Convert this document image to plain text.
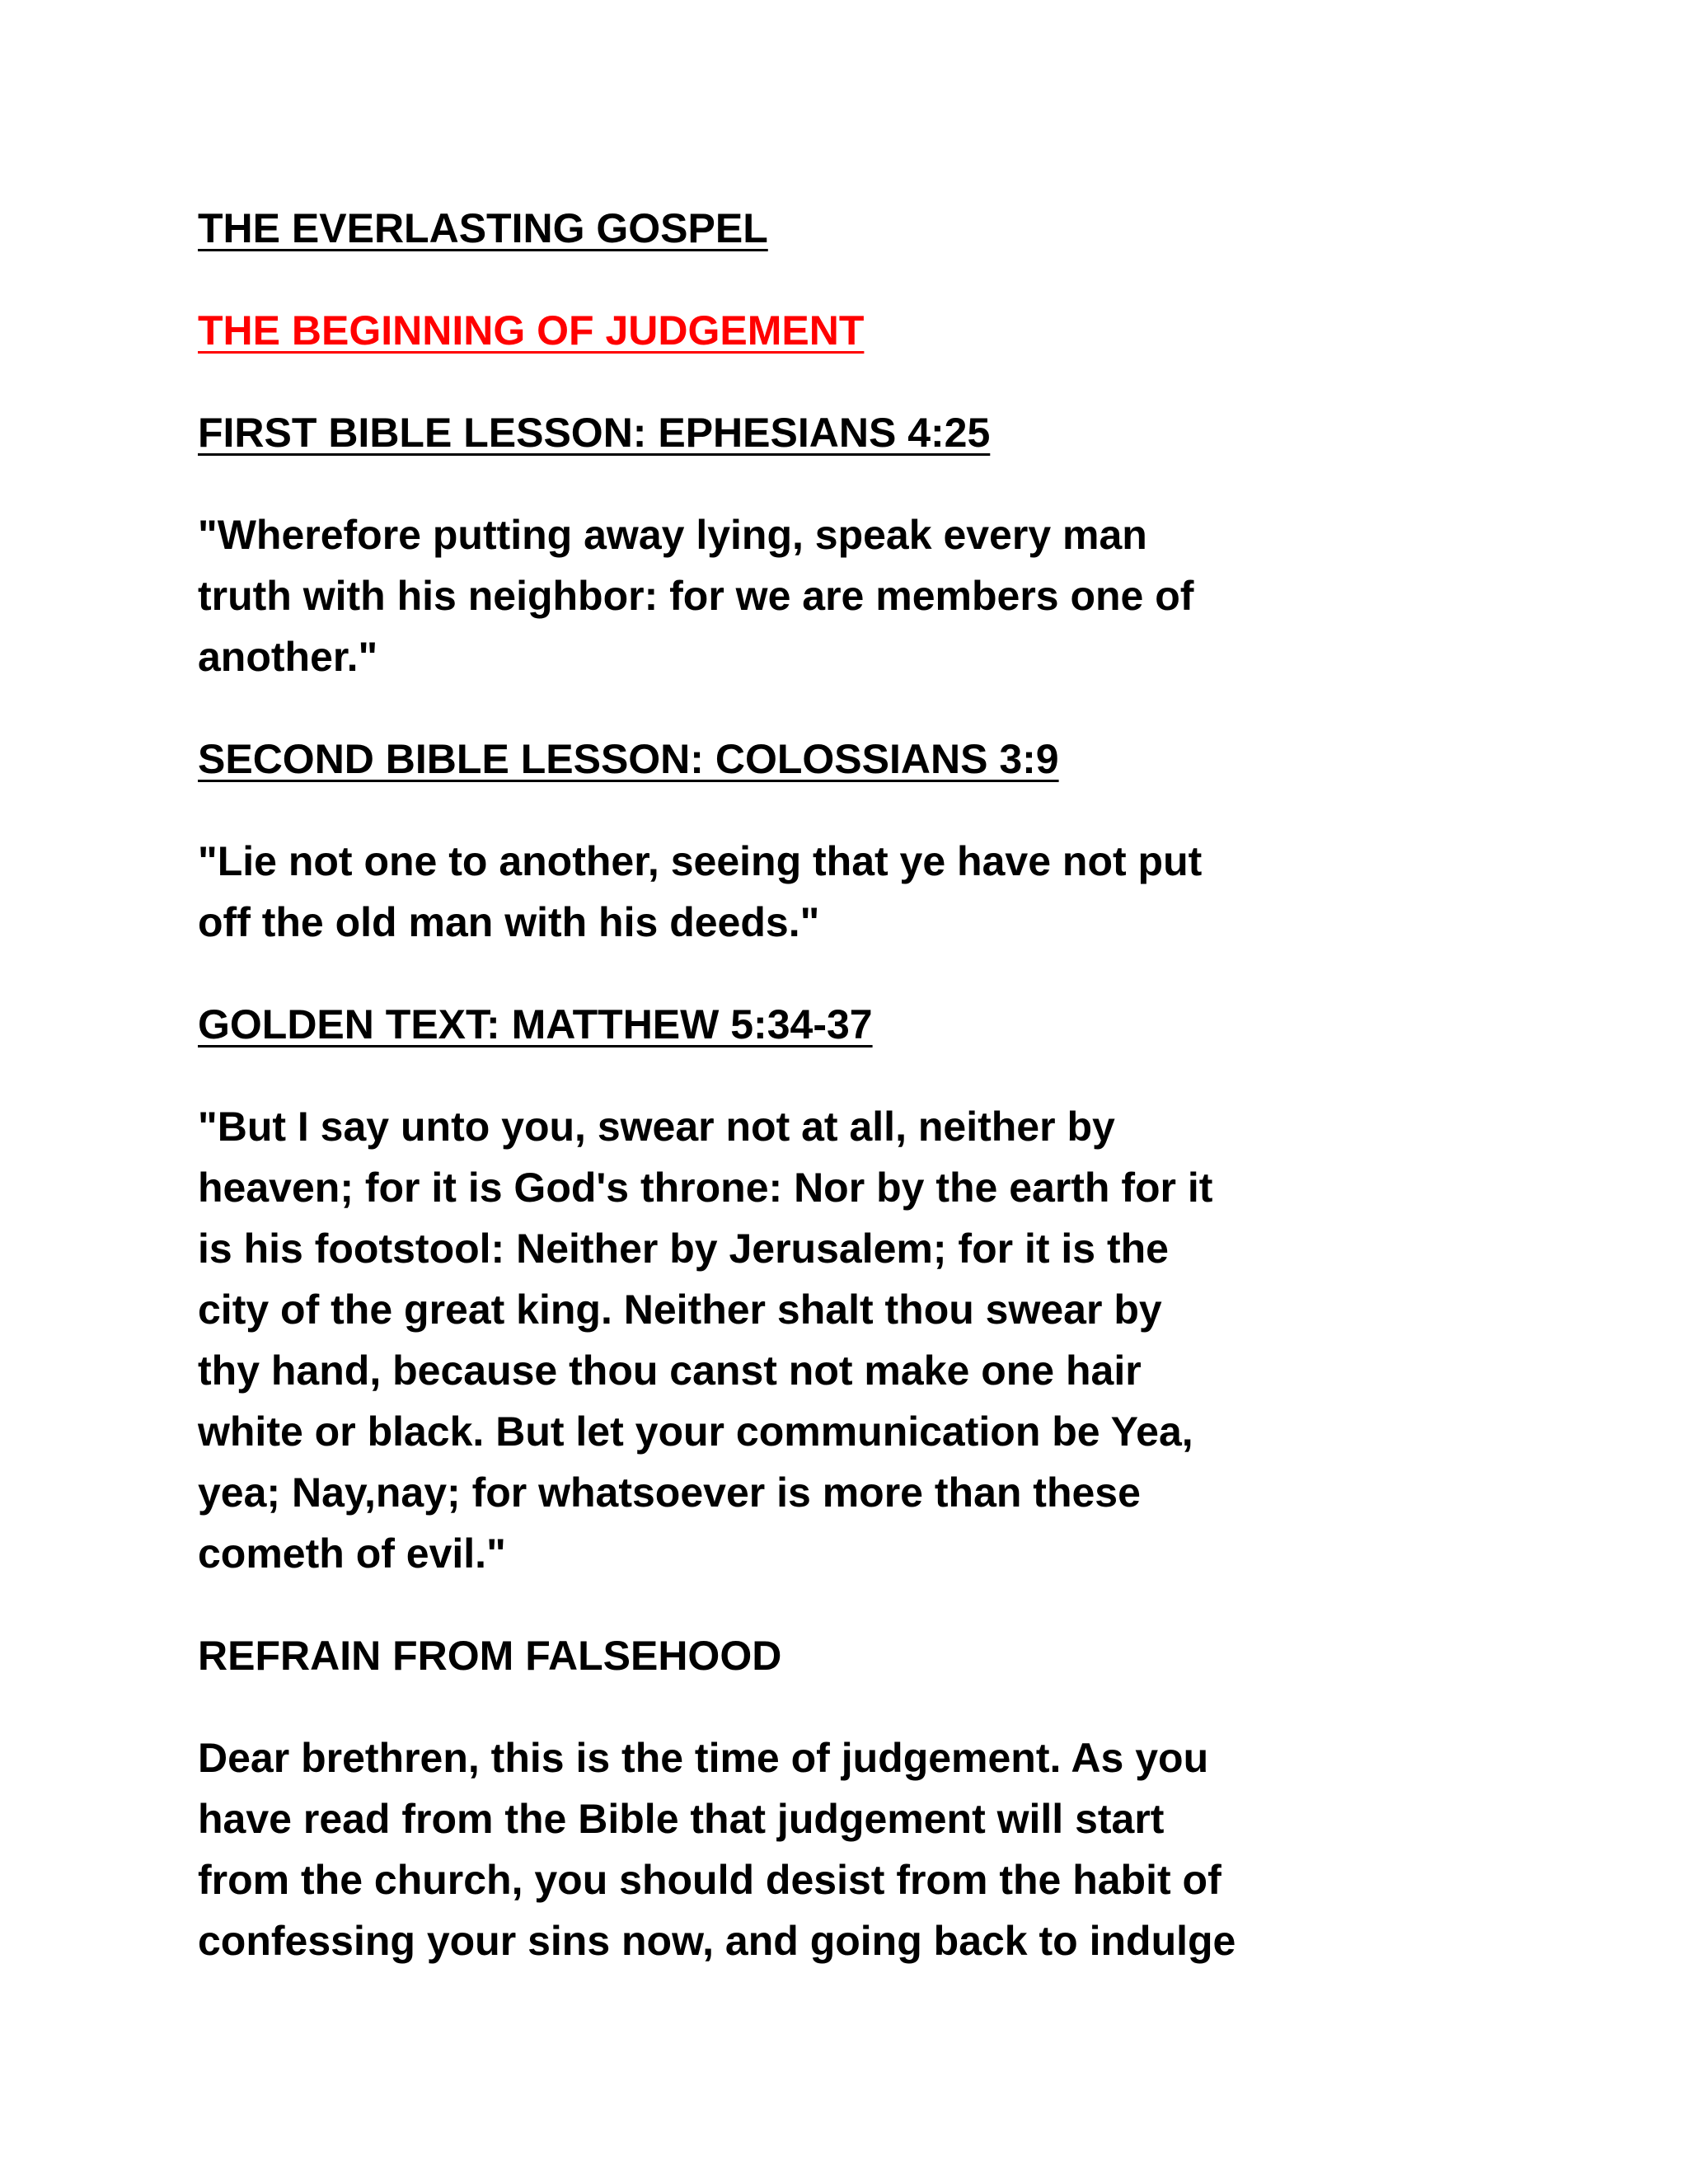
THE EVERLASTING GOSPEL
THE BEGINNING OF JUDGEMENT
FIRST BIBLE LESSON: EPHESIANS 4:25
"Wherefore putting away lying, speak every man
truth with his neighbor: for we are members one of
another."
SECOND BIBLE LESSON: COLOSSIANS 3:9
"Lie not one to another, seeing that ye have not put
off the old man with his deeds."
GOLDEN TEXT: MATTHEW 5:34-37
"But I say unto you, swear not at all, neither by
heaven; for it is God's throne: Nor by the earth for it
is his footstool: Neither by Jerusalem; for it is the
city of the great king. Neither shalt thou swear by
thy hand, because thou canst not make one hair
white or black. But let your communication be Yea,
yea; Nay,nay; for whatsoever is more than these
cometh of evil."
REFRAIN FROM FALSEHOOD
Dear brethren, this is the time of judgement. As you
have read from the Bible that judgement will start
from the church, you should desist from the habit of
confessing your sins now, and going back to indulge
